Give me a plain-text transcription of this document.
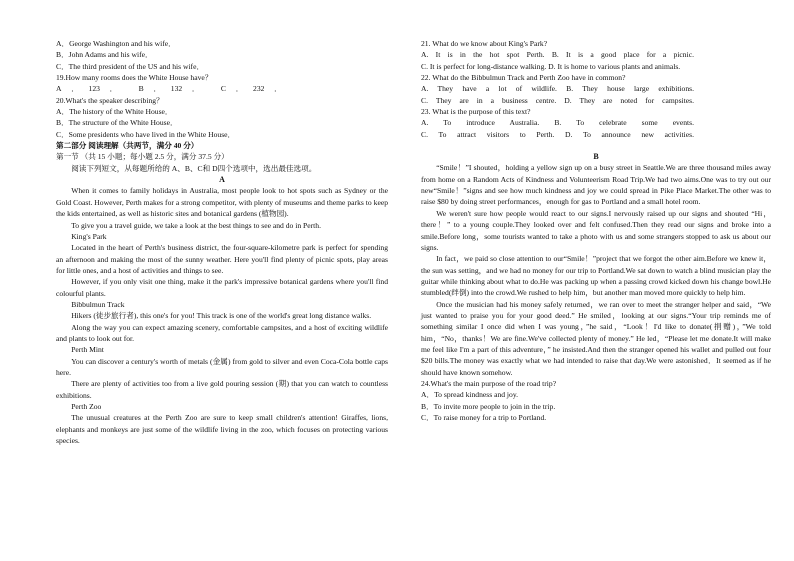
A．George Washington and his wife．
B．John Adams and his wife．
C．The third president of the US and his wife．
19.How many rooms does the White House have？
A．123． B．132． C．232．
20.What's the speaker describing？
A．The history of the White House．
B．The structure of the White House．
C．Some presidents who have lived in the White House．
第二部分 阅读理解（共两节，满分 40 分）
第一节 （共 15 小题；每小题 2.5 分，满分 37.5 分）
阅读下列短文，从每题所给的 A、B、C和 D四个选项中，选出最佳选项。
A
When it comes to family holidays in Australia, most people look to hot spots such as Sydney or the Gold Coast. However, Perth makes for a strong competitor, with plenty of museums and theme parks to keep the kids entertained, as well as historic sites and botanical gardens (植物园).
To give you a travel guide, we take a look at the best things to see and do in Perth.
King's Park
Located in the heart of Perth's business district, the four-square-kilometre park is perfect for spending an afternoon and making the most of the sunny weather. Here you'll find plenty of picnic spots, play areas for little ones, and a host of activities and things to see.
However, if you only visit one thing, make it the park's impressive botanical gardens where you'll find colourful plants.
Bibbulmun Track
Hikers (徒步旅行者), this one's for you! This track is one of the world's great long distance walks.
Along the way you can expect amazing scenery, comfortable campsites, and a host of exciting wildlife and plants to look out for.
Perth Mint
You can discover a century's worth of metals (金属) from gold to silver and even Coca-Cola bottle caps here.
There are plenty of activities too from a live gold pouring session (期) that you can watch to countless exhibitions.
Perth Zoo
The unusual creatures at the Perth Zoo are sure to keep small children's attention! Giraffes, lions, elephants and monkeys are just some of the wildlife living in the zoo, which focuses on protecting various species.
21. What do we know about King's Park?
A. It is in the hot spot Perth. B. It is a good place for a picnic.
C. It is perfect for long-distance walking. D. It is home to various plants and animals.
22. What do the Bibbulmun Track and Perth Zoo have in common?
A. They have a lot of wildlife. B. They house large exhibitions.
C. They are in a business centre. D. They are noted for campsites.
23. What is the purpose of this text?
A. To introduce Australia. B. To celebrate some events.
C. To attract visitors to Perth. D. To announce new activities.
B
“Smile！”I shouted，holding a yellow sign up on a busy street in Seattle.We are three thousand miles away from home on a Random Acts of Kindness and Volunteerism Road Trip.We had two aims.One was to try out our new“Smile！”signs and see how much kindness and joy we could spread in Pike Place Market.The other was to raise $80 by doing street performances，enough for gas to Portland and a small hotel room.
We weren't sure how people would react to our signs.I nervously raised up our signs and shouted “Hi，there！” to a young couple.They looked over and felt confused.Then they read our signs and broke into a smile.Before long，some tourists wanted to take a photo with us and some strangers stopped to ask us about our signs.
In fact，we paid so close attention to our“Smile！”project that we forgot the other aim.Before we knew it，the sun was setting，and we had no money for our trip to Portland.We sat down to watch a blind musician play the guitar while thinking about what to do.He was packing up when a passing crowd kicked down his change bowl.He stumbled(绊倒) into the crowd.We rushed to help him，but another man moved more quickly to help him.
Once the musician had his money safely returned，we ran over to meet the stranger helper and said，“We just wanted to praise you for your good deed.” He smiled，looking at our signs.“Your trip reminds me of something similar I once did when I was young，”he said，“Look！I'd like to donate(捐赠)，”We told him，“No，thanks！We are fine.We've collected plenty of money.” He led，“Please let me donate.It will make me feel like I'm a part of this adventure，” he insisted.And then the stranger opened his wallet and pulled out four $20 bills.The money was exactly what we had intended to raise that day.We were astonished．It seemed as if he should have known somehow.
24.What's the main purpose of the road trip?
A．To spread kindness and joy.
B．To invite more people to join in the trip.
C．To raise money for a trip to Portland.
